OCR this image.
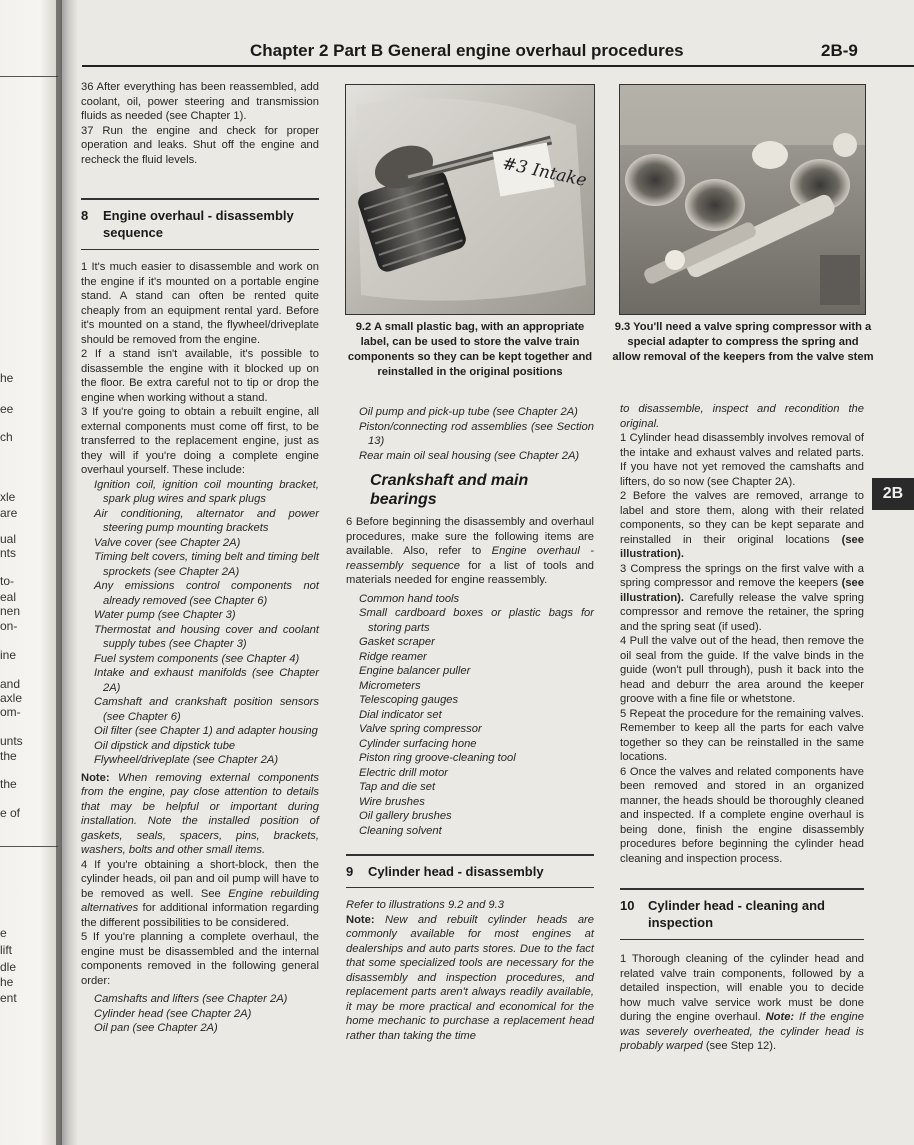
he
ee
ch
xle
are
ual
nts
to-
eal
nen
on-
ine
and
axle
om-
unts
the
the
e of
e
lift
dle
he
ent
Chapter 2 Part B General engine overhaul procedures	2B-9

36 After everything has been reassembled, add coolant, oil, power steering and transmission fluids as needed (see Chapter 1).

37 Run the engine and check for proper operation and leaks. Shut off the engine and recheck the fluid levels.

8	Engine overhaul - disassembly
sequence

1 It's much easier to disassemble and work on the engine if it's mounted on a portable engine stand. A stand can often be rented quite cheaply from an equipment rental yard. Before it's mounted on a stand, the flywheel/driveplate should be removed from the engine.

2 If a stand isn't available, it's possible to disassemble the engine with it blocked up on the floor. Be extra careful not to tip or drop the engine when working without a stand.

3 If you're going to obtain a rebuilt engine, all external components must come off first, to be transferred to the replacement engine, just as they will if you're doing a complete engine overhaul yourself. These include:

Ignition coil, ignition coil mounting bracket, spark plug wires and spark plugs

Air conditioning, alternator and power steering pump mounting brackets

Valve cover (see Chapter 2A)

Timing belt covers, timing belt and timing belt sprockets (see Chapter 2A)

Any emissions control components not already removed (see Chapter 6)

Water pump (see Chapter 3)

Thermostat and housing cover and coolant supply tubes (see Chapter 3)

Fuel system components (see Chapter 4)

Intake and exhaust manifolds (see Chapter 2A)

Camshaft and crankshaft position sensors (see Chapter 6)

Oil filter (see Chapter 1) and adapter housing

Oil dipstick and dipstick tube

Flywheel/driveplate (see Chapter 2A)

Note: When removing external components from the engine, pay close attention to details that may be helpful or important during installation. Note the installed position of gaskets, seals, spacers, pins, brackets, washers, bolts and other small items.

4 If you're obtaining a short-block, then the cylinder heads, oil pan and oil pump will have to be removed as well. See Engine rebuilding alternatives for additional information regarding the different possibilities to be considered.

5 If you're planning a complete overhaul, the engine must be disassembled and the internal components removed in the following general order:

Camshafts and lifters (see Chapter 2A)

Cylinder head (see Chapter 2A)

Oil pan (see Chapter 2A)

#3 Intake
9.2 A small plastic bag, with an appropriate label, can be used to store the valve train components so they can be kept together and reinstalled in the original positions

Oil pump and pick-up tube (see Chapter 2A)

Piston/connecting rod assemblies (see Section 13)

Rear main oil seal housing (see Chapter 2A)

Crankshaft and main bearings

6 Before beginning the disassembly and overhaul procedures, make sure the following items are available. Also, refer to Engine overhaul - reassembly sequence for a list of tools and materials needed for engine reassembly.

Common hand tools

Small cardboard boxes or plastic bags for storing parts

Gasket scraper

Ridge reamer

Engine balancer puller

Micrometers

Telescoping gauges

Dial indicator set

Valve spring compressor

Cylinder surfacing hone

Piston ring groove-cleaning tool

Electric drill motor

Tap and die set

Wire brushes

Oil gallery brushes

Cleaning solvent

9	Cylinder head - disassembly

Refer to illustrations 9.2 and 9.3

Note: New and rebuilt cylinder heads are commonly available for most engines at dealerships and auto parts stores. Due to the fact that some specialized tools are necessary for the disassembly and inspection procedures, and replacement parts aren't always readily available, it may be more practical and economical for the home mechanic to purchase a replacement head rather than taking the time

9.3 You'll need a valve spring compressor with a special adapter to compress the spring and allow removal of the keepers from the valve stem

to disassemble, inspect and recondition the original.

1 Cylinder head disassembly involves removal of the intake and exhaust valves and related parts. If you have not yet removed the camshafts and lifters, do so now (see Chapter 2A).

2 Before the valves are removed, arrange to label and store them, along with their related components, so they can be kept separate and reinstalled in their original locations (see illustration).

3 Compress the springs on the first valve with a spring compressor and remove the keepers (see illustration). Carefully release the valve spring compressor and remove the retainer, the spring and the spring seat (if used).

4 Pull the valve out of the head, then remove the oil seal from the guide. If the valve binds in the guide (won't pull through), push it back into the head and deburr the area around the keeper groove with a fine file or whetstone.

5 Repeat the procedure for the remaining valves. Remember to keep all the parts for each valve together so they can be reinstalled in the same locations.

6 Once the valves and related components have been removed and stored in an organized manner, the heads should be thoroughly cleaned and inspected. If a complete engine overhaul is being done, finish the engine disassembly procedures before beginning the cylinder head cleaning and inspection process.

10	Cylinder head - cleaning and
inspection

1 Thorough cleaning of the cylinder head and related valve train components, followed by a detailed inspection, will enable you to decide how much valve service work must be done during the engine overhaul. Note: If the engine was severely overheated, the cylinder head is probably warped (see Step 12).

2B
